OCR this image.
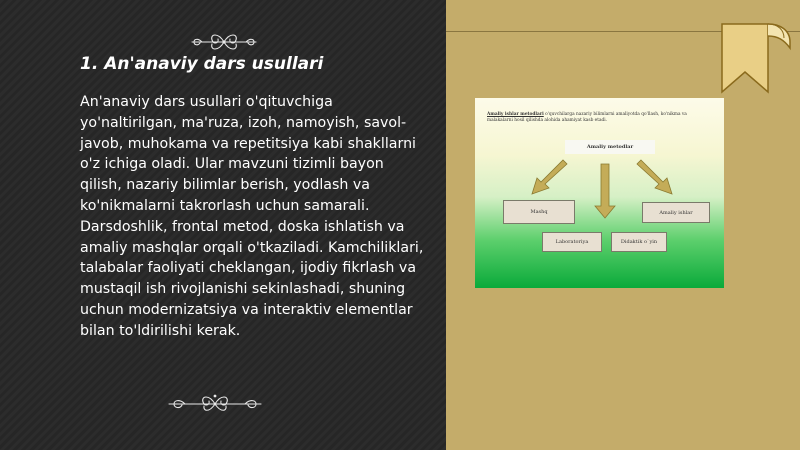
1. An'anaviy dars usullari

An'anaviy dars usullari o'qituvchiga yo'naltirilgan, ma'ruza, izoh, namoyish, savol-javob, muhokama va repetitsiya kabi shakllarni o'z ichiga oladi. Ular mavzuni tizimli bayon qilish, nazariy bilimlar berish, yodlash va ko'nikmalarni takrorlash uchun samarali. Darsdoshlik, frontal metod, doska ishlatish va amaliy mashqlar orqali o'tkaziladi. Kamchiliklari, talabalar faoliyati cheklangan, ijodiy fikrlash va mustaqil ish rivojlanishi sekinlashadi, shuning uchun modernizatsiya va interaktiv elementlar bilan to'ldirilishi kerak.

Amaliy ishlar metodlari o'quvchilarga nazariy bilimlarni amaliyotda qo'llash, ko'nikma va malakalarni hosil qilishda alohida ahamiyat kasb etadi.

Amaliy metodlar
Mashq	Amaliy ishlar
Laboratoriya	Didaktik o`yin
